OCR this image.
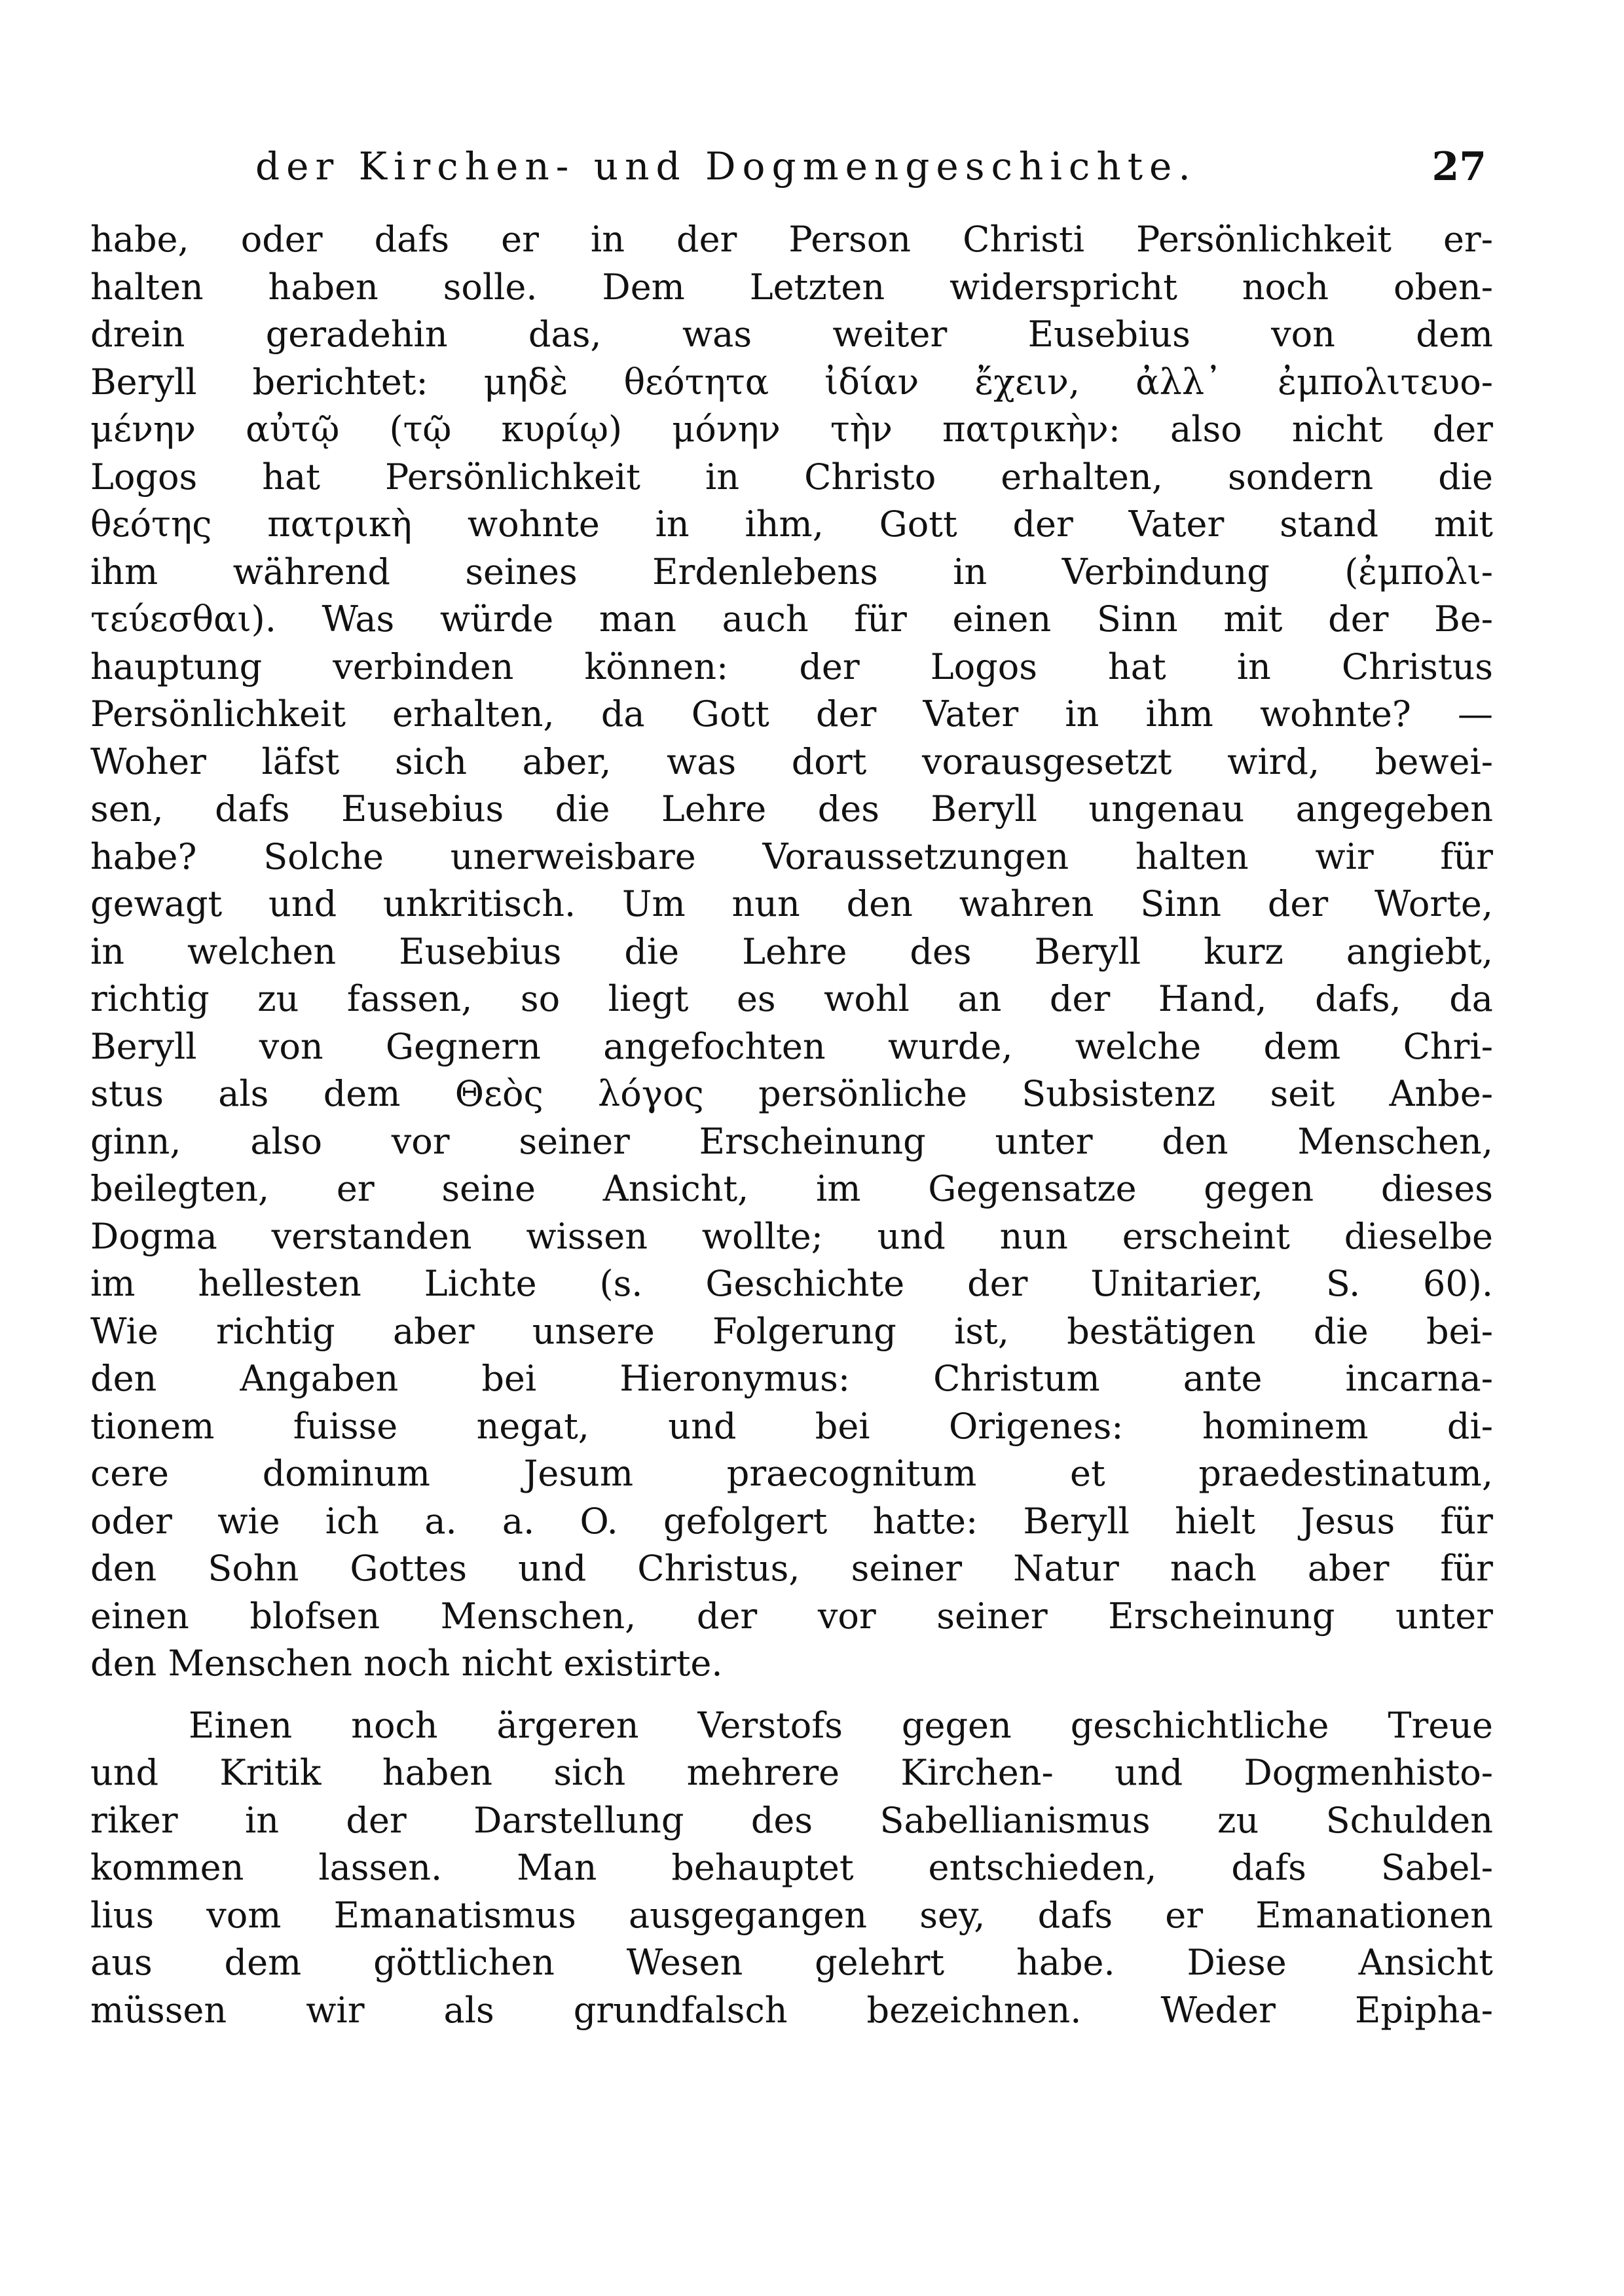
der Kirchen- und Dogmengeschichte.	27
habe, oder dafs er in der Person Christi Persönlichkeit er-
halten haben solle. Dem Letzten widerspricht noch oben-
drein geradehin das, was weiter Eusebius von dem
Beryll berichtet: μηδὲ θεότητα ἰδίαν ἔχειν, ἀλλ᾽ ἐμπολιτευο-
μένην αὐτῷ (τῷ κυρίῳ) μόνην τὴν πατρικὴν: also nicht der
Logos hat Persönlichkeit in Christo erhalten, sondern die
θεότης πατρικὴ wohnte in ihm, Gott der Vater stand mit
ihm während seines Erdenlebens in Verbindung (ἐμπολι-
τεύεσθαι). Was würde man auch für einen Sinn mit der Be-
hauptung verbinden können: der Logos hat in Christus
Persönlichkeit erhalten, da Gott der Vater in ihm wohnte? —
Woher läfst sich aber, was dort vorausgesetzt wird, bewei-
sen, dafs Eusebius die Lehre des Beryll ungenau angegeben
habe? Solche unerweisbare Voraussetzungen halten wir für
gewagt und unkritisch. Um nun den wahren Sinn der Worte,
in welchen Eusebius die Lehre des Beryll kurz angiebt,
richtig zu fassen, so liegt es wohl an der Hand, dafs, da
Beryll von Gegnern angefochten wurde, welche dem Chri-
stus als dem Θεὸς λόγος persönliche Subsistenz seit Anbe-
ginn, also vor seiner Erscheinung unter den Menschen,
beilegten, er seine Ansicht, im Gegensatze gegen dieses
Dogma verstanden wissen wollte; und nun erscheint dieselbe
im hellesten Lichte (s. Geschichte der Unitarier, S. 60).
Wie richtig aber unsere Folgerung ist, bestätigen die bei-
den Angaben bei Hieronymus: Christum ante incarna-
tionem fuisse negat, und bei Origenes: hominem di-
cere dominum Jesum praecognitum et praedestinatum,
oder wie ich a. a. O. gefolgert hatte: Beryll hielt Jesus für
den Sohn Gottes und Christus, seiner Natur nach aber für
einen blofsen Menschen, der vor seiner Erscheinung unter
den Menschen noch nicht existirte.
Einen noch ärgeren Verstofs gegen geschichtliche Treue
und Kritik haben sich mehrere Kirchen- und Dogmenhisto-
riker in der Darstellung des Sabellianismus zu Schulden
kommen lassen. Man behauptet entschieden, dafs Sabel-
lius vom Emanatismus ausgegangen sey, dafs er Emanationen
aus dem göttlichen Wesen gelehrt habe. Diese Ansicht
müssen wir als grundfalsch bezeichnen. Weder Epipha-
